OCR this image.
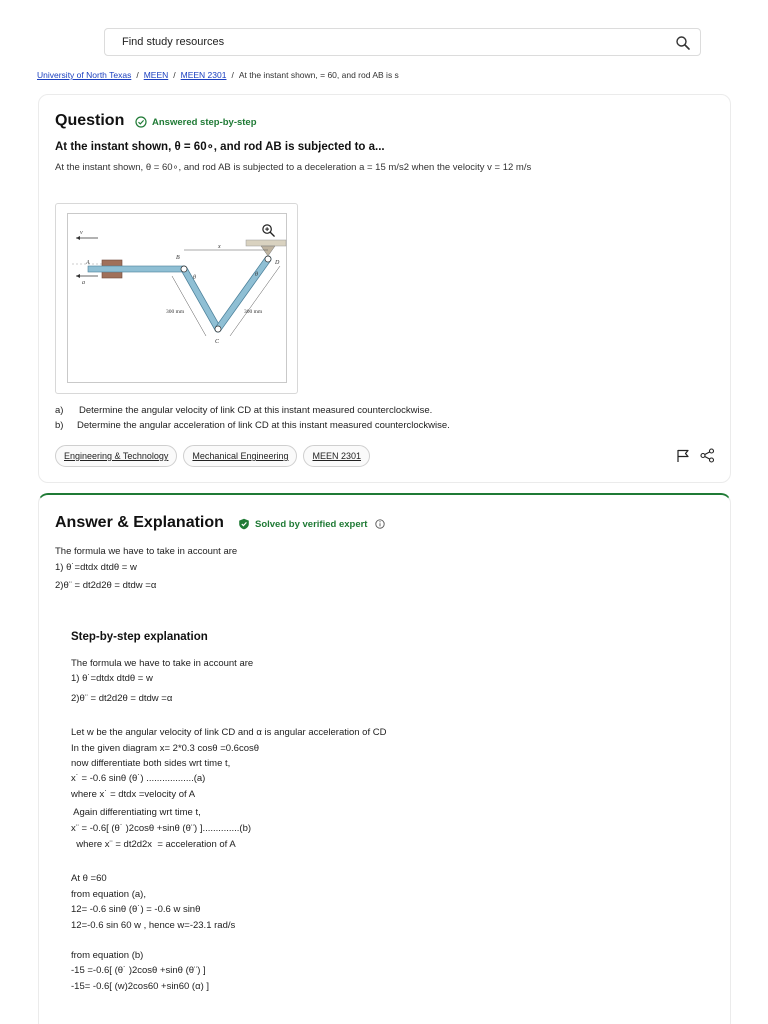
Find study resources
University of North Texas / MEEN / MEEN 2301 / At the instant shown, = 60, and rod AB is s
Question	Answered step-by-step
At the instant shown, θ = 60∘, and rod AB is subjected to a...
At the instant shown, θ = 60∘, and rod AB is subjected to a deceleration a = 15 m/s2 when the velocity v = 12 m/s
v
a
A
B
D
C
θ	θ
x
300 mm	300 mm
a)	Determine the angular velocity of link CD at this instant measured counterclockwise.
b)	Determine the angular acceleration of link CD at this instant measured counterclockwise.
Engineering & Technology	Mechanical Engineering	MEEN 2301
Answer & Explanation	Solved by verified expert
The formula we have to take in account are
1) θ˙=dtdx dtdθ = w
2)θ¨ = dt2d2θ = dtdw =α
Step-by-step explanation
The formula we have to take in account are
1) θ˙=dtdx dtdθ = w
2)θ¨ = dt2d2θ = dtdw =α
Let w be the angular velocity of link CD and α is angular acceleration of CD
In the given diagram x= 2*0.3 cosθ =0.6cosθ
now differentiate both sides wrt time t,
x˙ = -0.6 sinθ (θ˙) ..................(a)
where x˙ = dtdx =velocity of A
Again differentiating wrt time t,
x¨ = -0.6[ (θ˙ )2cosθ +sinθ (θ¨) ]..............(b)
where x¨ = dt2d2x  = acceleration of A
At θ =60
from equation (a),
12= -0.6 sinθ (θ˙) = -0.6 w sinθ
12=-0.6 sin 60 w , hence w=-23.1 rad/s
from equation (b)
-15 =-0.6[ (θ˙ )2cosθ +sinθ (θ¨) ]
-15= -0.6[ (w)2cos60 +sin60 (α) ]
